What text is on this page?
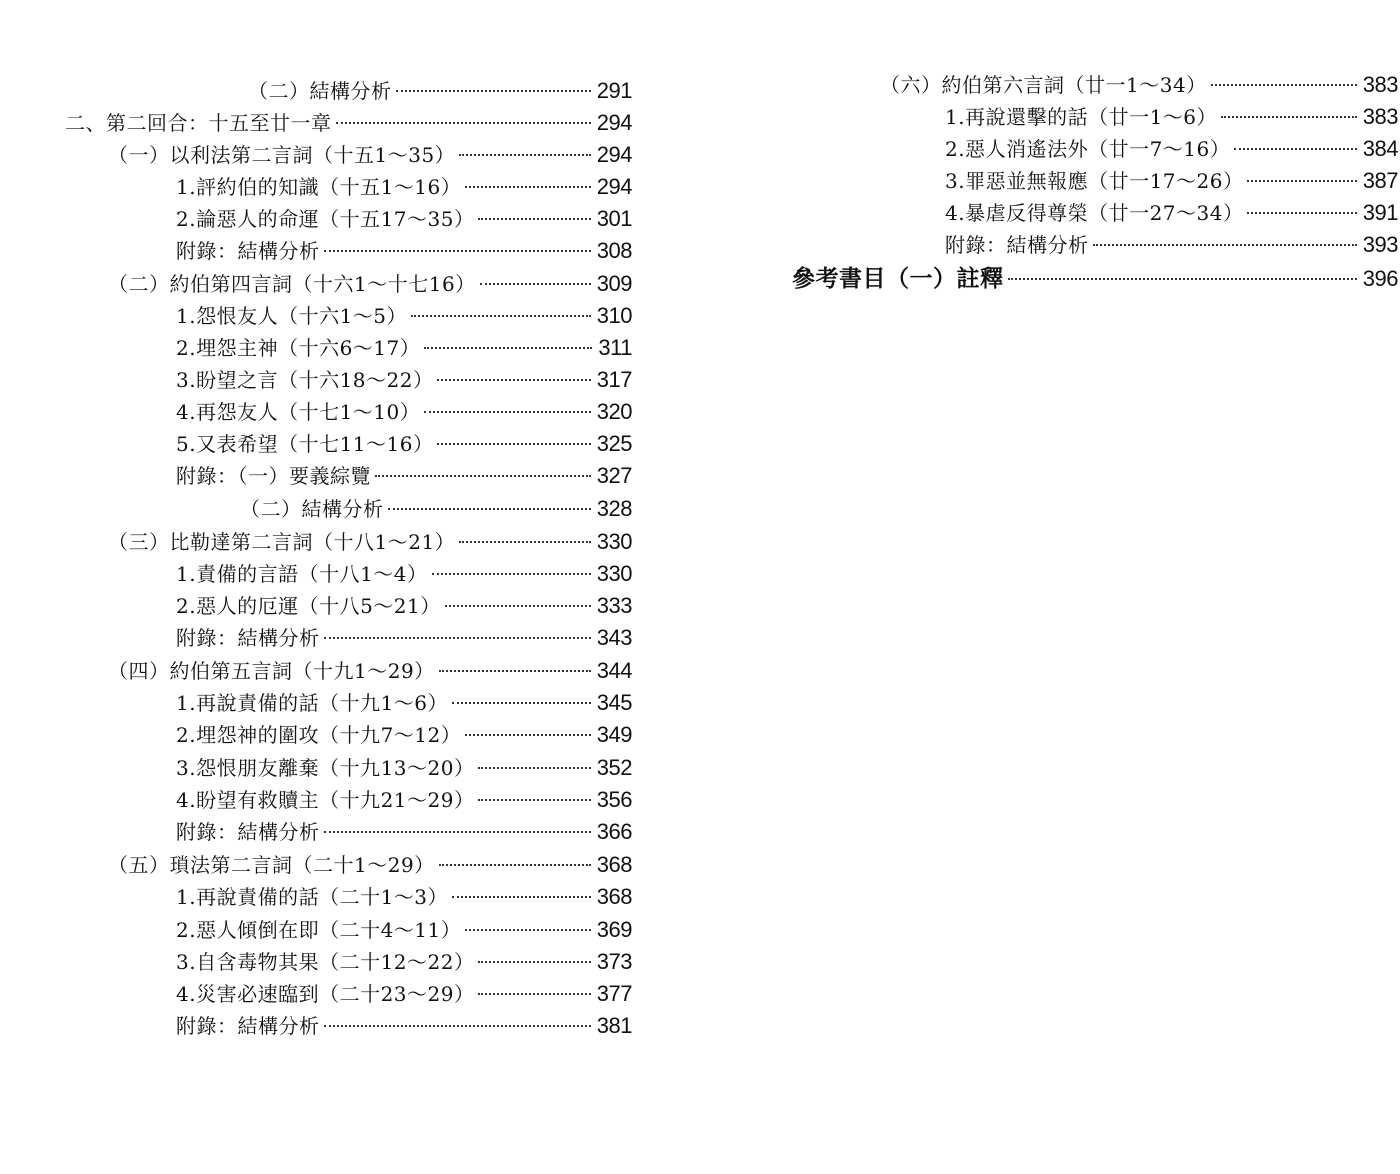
（二）結構分析	291
二、第二回合：十五至廿一章	294
（一）以利法第二言詞（十五1～35）	294
1.評約伯的知識（十五1～16）	294
2.論惡人的命運（十五17～35）	301
附錄：結構分析	308
（二）約伯第四言詞（十六1～十七16）	309
1.怨恨友人（十六1～5）	310
2.埋怨主神（十六6～17）	311
3.盼望之言（十六18～22）	317
4.再怨友人（十七1～10）	320
5.又表希望（十七11～16）	325
附錄：（一）要義綜覽	327
（二）結構分析	328
（三）比勒達第二言詞（十八1～21）	330
1.責備的言語（十八1～4）	330
2.惡人的厄運（十八5～21）	333
附錄：結構分析	343
（四）約伯第五言詞（十九1～29）	344
1.再說責備的話（十九1～6）	345
2.埋怨神的圍攻（十九7～12）	349
3.怨恨朋友離棄（十九13～20）	352
4.盼望有救贖主（十九21～29）	356
附錄：結構分析	366
（五）瑣法第二言詞（二十1～29）	368
1.再說責備的話（二十1～3）	368
2.惡人傾倒在即（二十4～11）	369
3.自含毒物其果（二十12～22）	373
4.災害必速臨到（二十23～29）	377
附錄：結構分析	381
（六）約伯第六言詞（廿一1～34）	383
1.再說還擊的話（廿一1～6）	383
2.惡人消遙法外（廿一7～16）	384
3.罪惡並無報應（廿一17～26）	387
4.暴虐反得尊榮（廿一27～34）	391
附錄：結構分析	393
參考書目（一）註釋	396
